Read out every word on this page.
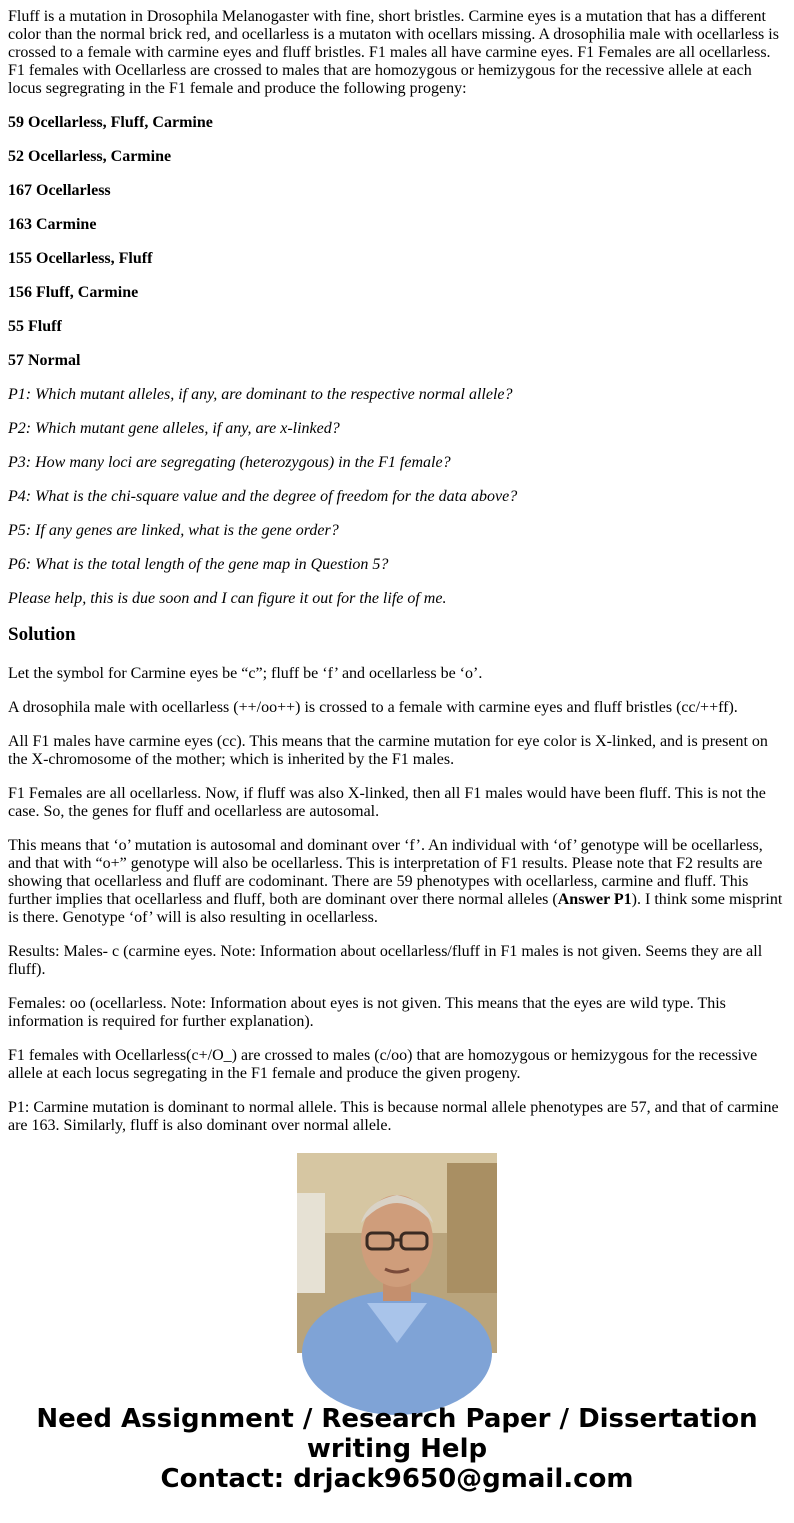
Fluff is a mutation in Drosophila Melanogaster with fine, short bristles. Carmine eyes is a mutation that has a different color than the normal brick red, and ocellarless is a mutaton with ocellars missing. A drosophilia male with ocellarless is crossed to a female with carmine eyes and fluff bristles. F1 males all have carmine eyes. F1 Females are all ocellarless. F1 females with Ocellarless are crossed to males that are homozygous or hemizygous for the recessive allele at each locus segregrating in the F1 female and produce the following progeny:

59 Ocellarless, Fluff, Carmine

52 Ocellarless, Carmine

167 Ocellarless

163 Carmine

155 Ocellarless, Fluff

156 Fluff, Carmine

55 Fluff

57 Normal

P1: Which mutant alleles, if any, are dominant to the respective normal allele?

P2: Which mutant gene alleles, if any, are x-linked?

P3: How many loci are segregating (heterozygous) in the F1 female?

P4: What is the chi-square value and the degree of freedom for the data above?

P5: If any genes are linked, what is the gene order?

P6: What is the total length of the gene map in Question 5?

Please help, this is due soon and I can figure it out for the life of me.

Solution

Let the symbol for Carmine eyes be “c”; fluff be ‘f’ and ocellarless be ‘o’.

A drosophila male with ocellarless (++/oo++) is crossed to a female with carmine eyes and fluff bristles (cc/++ff).

All F1 males have carmine eyes (cc). This means that the carmine mutation for eye color is X-linked, and is present on the X-chromosome of the mother; which is inherited by the F1 males.

F1 Females are all ocellarless. Now, if fluff was also X-linked, then all F1 males would have been fluff. This is not the case. So, the genes for fluff and ocellarless are autosomal.

This means that ‘o’ mutation is autosomal and dominant over ‘f’. An individual with ‘of’ genotype will be ocellarless, and that with “o+” genotype will also be ocellarless. This is interpretation of F1 results. Please note that F2 results are showing that ocellarless and fluff are codominant. There are 59 phenotypes with ocellarless, carmine and fluff. This further implies that ocellarless and fluff, both are dominant over there normal alleles (Answer P1). I think some misprint is there. Genotype ‘of’ will is also resulting in ocellarless.

Results: Males- c (carmine eyes. Note: Information about ocellarless/fluff in F1 males is not given. Seems they are all fluff).

Females: oo (ocellarless. Note: Information about eyes is not given. This means that the eyes are wild type. This information is required for further explanation).

F1 females with Ocellarless(c+/O_) are crossed to males (c/oo) that are homozygous or hemizygous for the recessive allele at each locus segregating in the F1 female and produce the given progeny.

P1: Carmine mutation is dominant to normal allele. This is because normal allele phenotypes are 57, and that of carmine are 163. Similarly, fluff is also dominant over normal allele.

Need Assignment / Research Paper / Dissertation
writing Help
Contact: drjack9650@gmail.com
